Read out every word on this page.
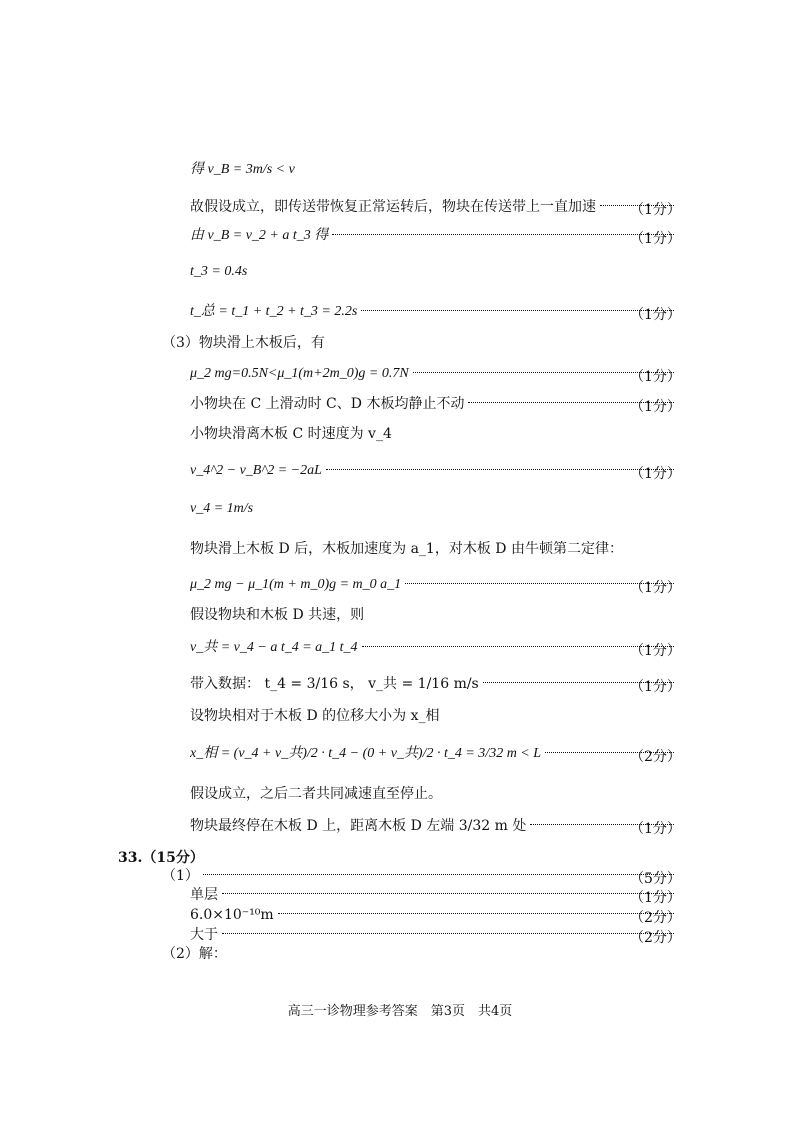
得 v_B = 3m/s < v
故假设成立，即传送带恢复正常运转后，物块在传送带上一直加速 （1分）
由 v_B = v_2 + a t_3 得	（1分）
t_3 = 0.4s
t_总 = t_1 + t_2 + t_3 = 2.2s	（1分）
（3）物块滑上木板后，有
μ_2 mg=0.5N<μ_1(m+2m_0)g = 0.7N	（1分）
小物块在 C 上滑动时 C、D 木板均静止不动	（1分）
小物块滑离木板 C 时速度为 v_4
v_4^2 − v_B^2 = −2aL	（1分）
v_4 = 1m/s
物块滑上木板 D 后，木板加速度为 a_1，对木板 D 由牛顿第二定律：
μ_2 mg − μ_1(m + m_0)g = m_0 a_1	（1分）
假设物块和木板 D 共速，则
v_共 = v_4 − a t_4 = a_1 t_4	（1分）
带入数据： t_4 = 3/16 s， v_共 = 1/16 m/s	（1分）
设物块相对于木板 D 的位移大小为 x_相
x_相 = (v_4 + v_共)/2 · t_4 − (0 + v_共)/2 · t_4 = 3/32 m < L	（2分）
假设成立，之后二者共同减速直至停止。
物块最终停在木板 D 上，距离木板 D 左端 3/32 m 处	（1分）
33.（15分）
（1）	（5分）
单层	（1分）
6.0×10⁻¹⁰m	（2分）
大于	（2分）
（2）解：
高三一诊物理参考答案　第3页　共4页
